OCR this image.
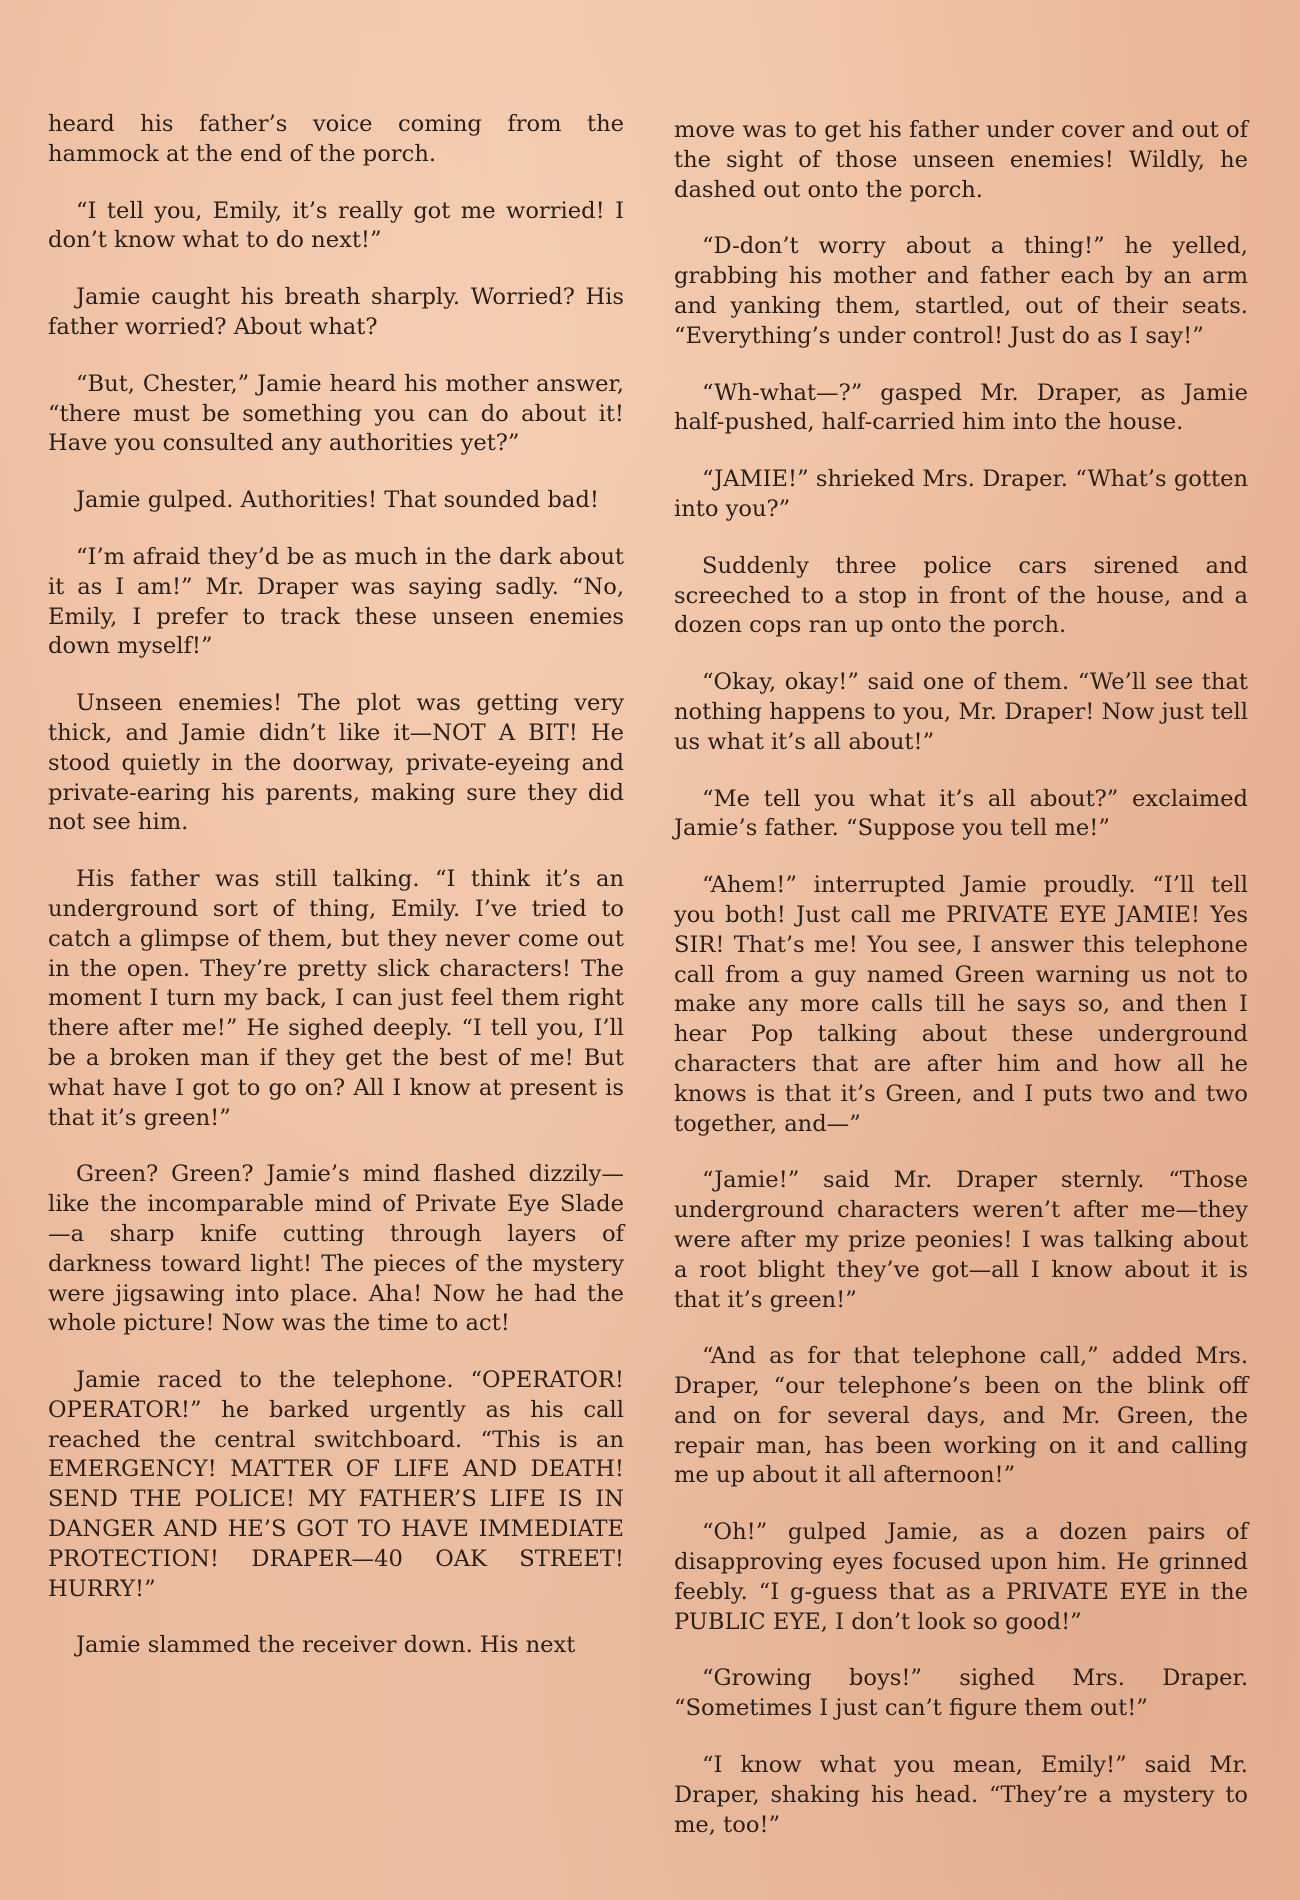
heard his father’s voice coming from the hammock at the end of the porch.

“I tell you, Emily, it’s really got me worried! I don’t know what to do next!”

Jamie caught his breath sharply. Worried? His father worried? About what?

“But, Chester,” Jamie heard his mother answer, “there must be something you can do about it! Have you consulted any authorities yet?”

Jamie gulped. Authorities! That sounded bad!

“I’m afraid they’d be as much in the dark about it as I am!” Mr. Draper was saying sadly. “No, Emily, I prefer to track these unseen enemies down myself!”

Unseen enemies! The plot was getting very thick, and Jamie didn’t like it—NOT A BIT! He stood quietly in the doorway, private-eyeing and private-earing his parents, making sure they did not see him.

His father was still talking. “I think it’s an underground sort of thing, Emily. I’ve tried to catch a glimpse of them, but they never come out in the open. They’re pretty slick characters! The moment I turn my back, I can just feel them right there after me!” He sighed deeply. “I tell you, I’ll be a broken man if they get the best of me! But what have I got to go on? All I know at present is that it’s green!”

Green? Green? Jamie’s mind flashed dizzily—like the incomparable mind of Private Eye Slade—a sharp knife cutting through layers of darkness toward light! The pieces of the mystery were jigsawing into place. Aha! Now he had the whole picture! Now was the time to act!

Jamie raced to the telephone. “OPERATOR! OPERATOR!” he barked urgently as his call reached the central switchboard. “This is an EMERGENCY! MATTER OF LIFE AND DEATH! SEND THE POLICE! MY FATHER’S LIFE IS IN DANGER AND HE’S GOT TO HAVE IMMEDIATE PROTECTION! DRAPER—40 OAK STREET! HURRY!”

Jamie slammed the receiver down. His next

move was to get his father under cover and out of the sight of those unseen enemies! Wildly, he dashed out onto the porch.

“D-don’t worry about a thing!” he yelled, grabbing his mother and father each by an arm and yanking them, startled, out of their seats. “Everything’s under control! Just do as I say!”

“Wh-what—?” gasped Mr. Draper, as Jamie half-pushed, half-carried him into the house.

“JAMIE!” shrieked Mrs. Draper. “What’s gotten into you?”

Suddenly three police cars sirened and screeched to a stop in front of the house, and a dozen cops ran up onto the porch.

“Okay, okay!” said one of them. “We’ll see that nothing happens to you, Mr. Draper! Now just tell us what it’s all about!”

“Me tell you what it’s all about?” exclaimed Jamie’s father. “Suppose you tell me!”

“Ahem!” interrupted Jamie proudly. “I’ll tell you both! Just call me PRIVATE EYE JAMIE! Yes SIR! That’s me! You see, I answer this telephone call from a guy named Green warning us not to make any more calls till he says so, and then I hear Pop talking about these underground characters that are after him and how all he knows is that it’s Green, and I puts two and two together, and—”

“Jamie!” said Mr. Draper sternly. “Those underground characters weren’t after me—they were after my prize peonies! I was talking about a root blight they’ve got—all I know about it is that it’s green!”

“And as for that telephone call,” added Mrs. Draper, “our telephone’s been on the blink off and on for several days, and Mr. Green, the repair man, has been working on it and calling me up about it all afternoon!”

“Oh!” gulped Jamie, as a dozen pairs of disapproving eyes focused upon him. He grinned feebly. “I g-guess that as a PRIVATE EYE in the PUBLIC EYE, I don’t look so good!”

“Growing boys!” sighed Mrs. Draper. “Sometimes I just can’t figure them out!”

“I know what you mean, Emily!” said Mr. Draper, shaking his head. “They’re a mystery to me, too!”
